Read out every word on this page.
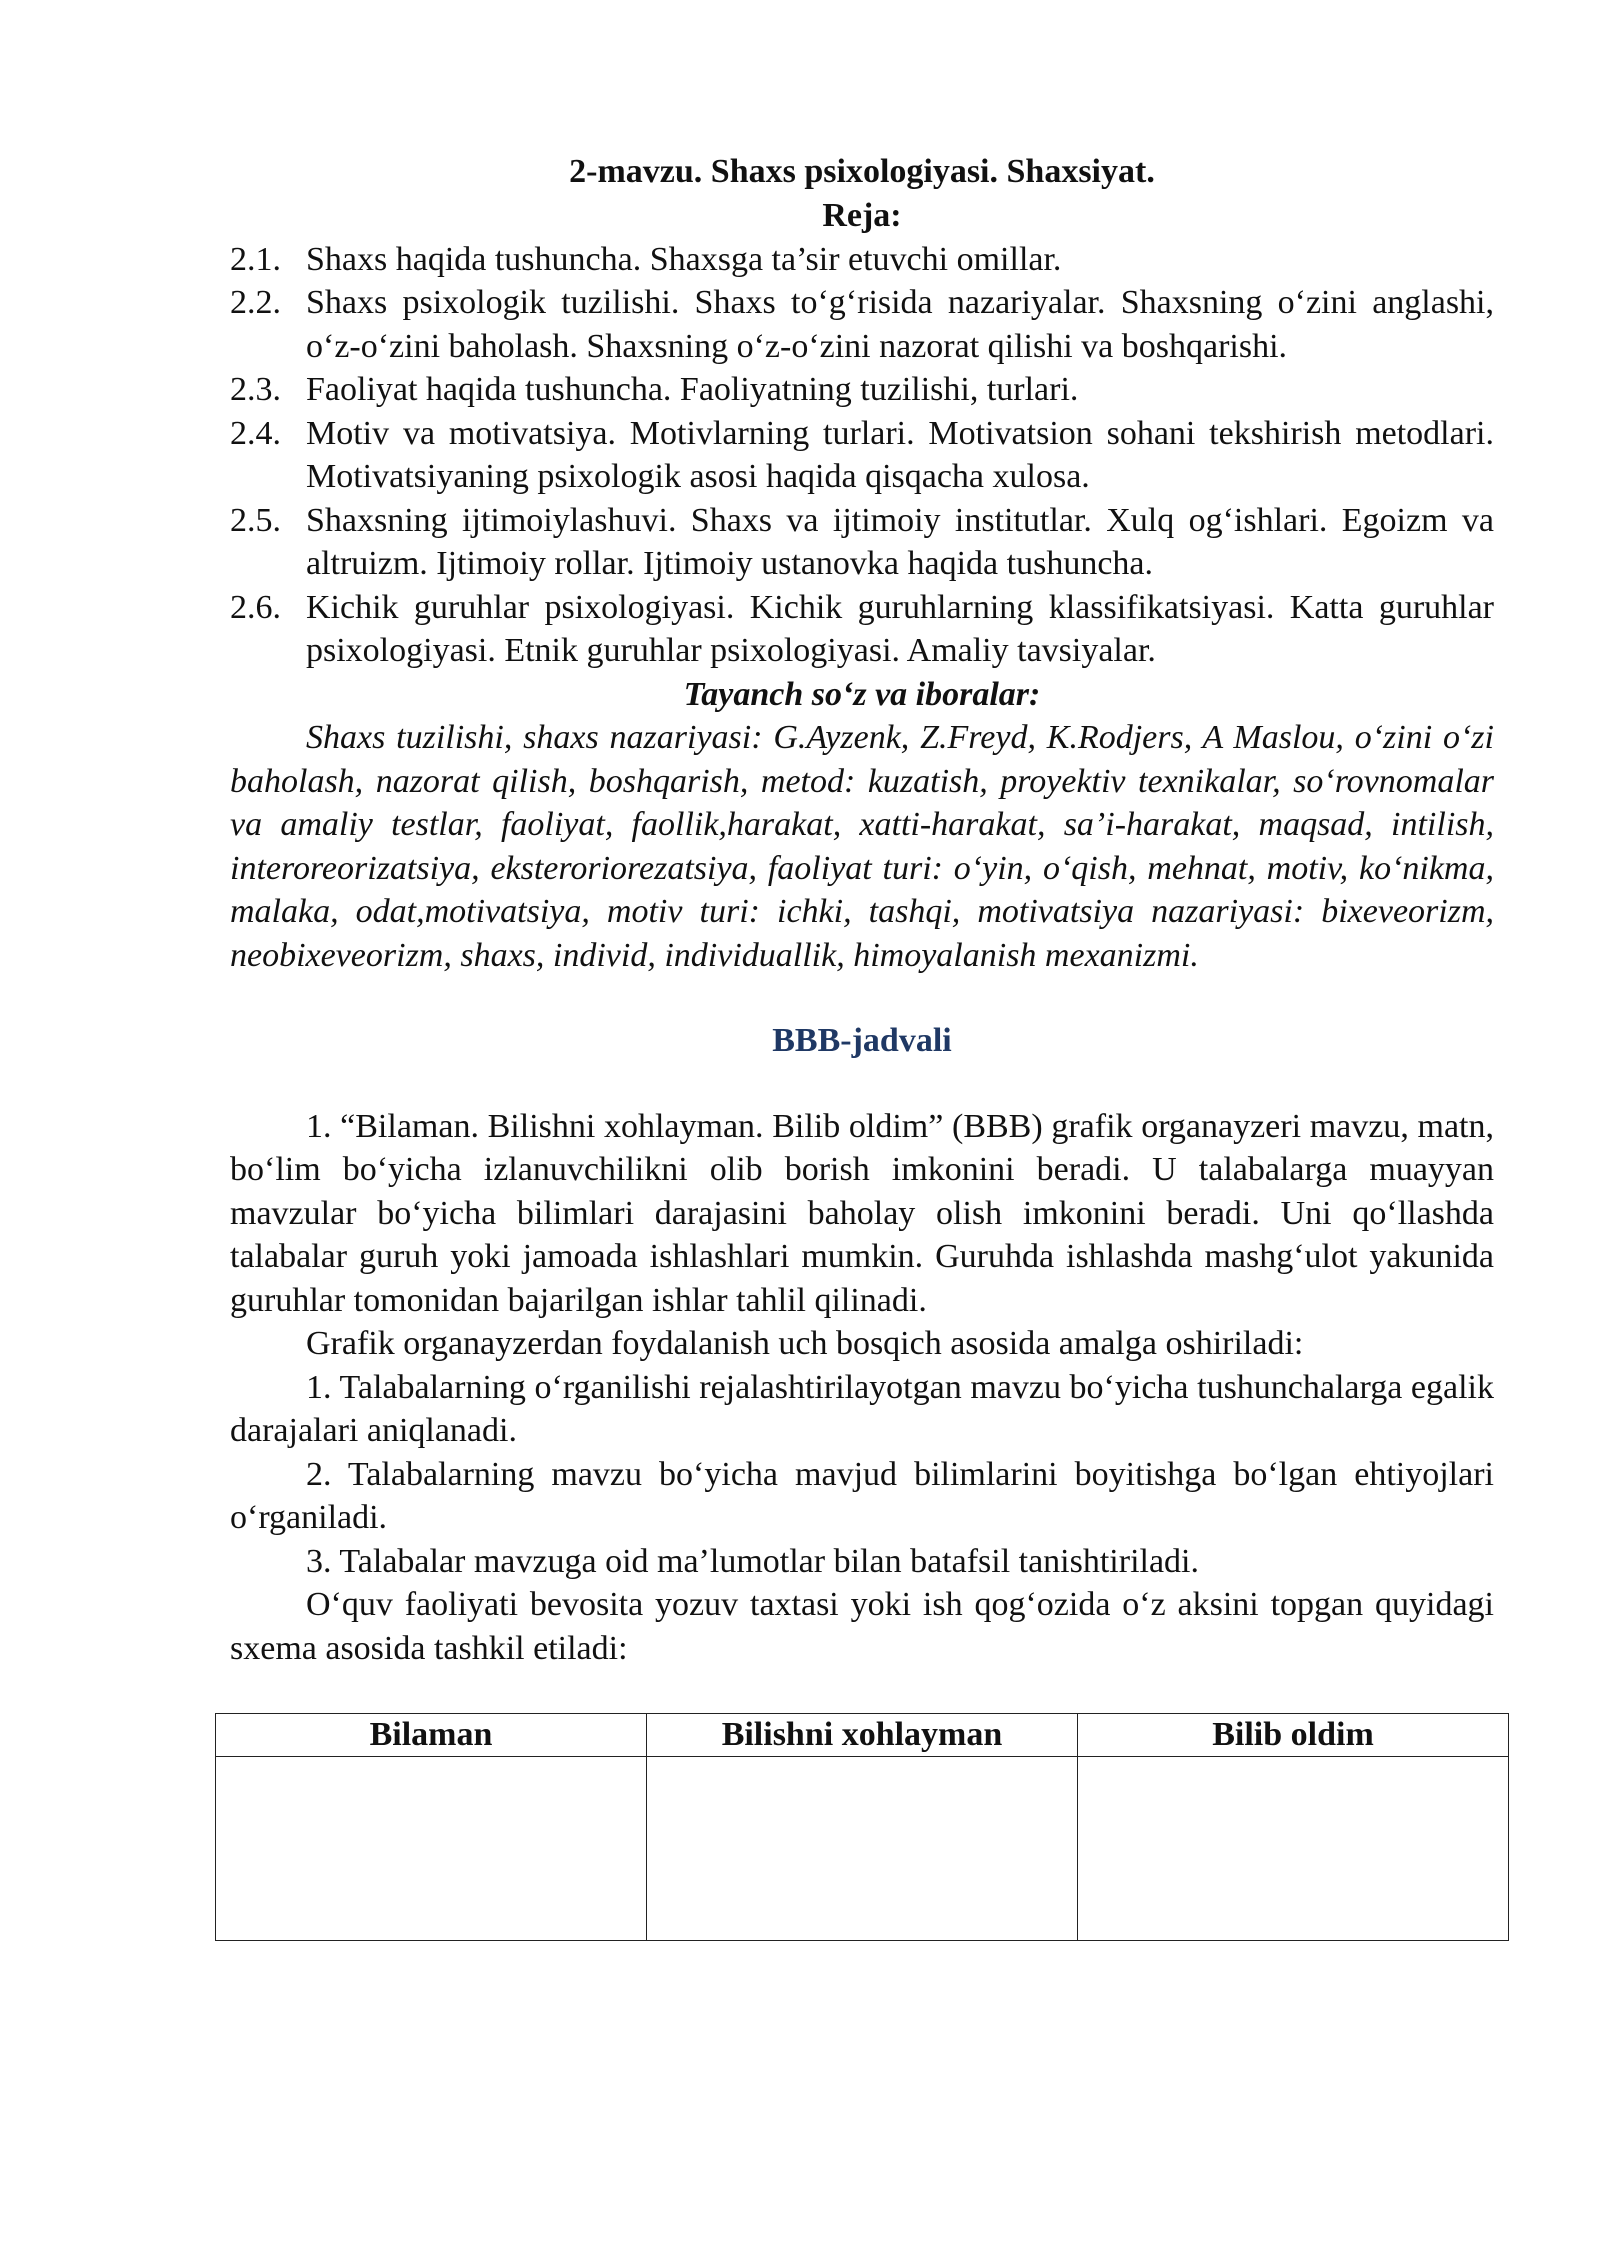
2-mavzu. Shaxs psixologiyasi. Shaxsiyat.
Reja:
2.1. Shaxs haqida tushuncha. Shaxsga ta’sir etuvchi omillar.
2.2. Shaxs psixologik tuzilishi. Shaxs to‘g‘risida nazariyalar. Shaxsning o‘zini anglashi, o‘z-o‘zini baholash. Shaxsning o‘z-o‘zini nazorat qilishi va boshqarishi.
2.3. Faoliyat haqida tushuncha. Faoliyatning tuzilishi, turlari.
2.4. Motiv va motivatsiya. Motivlarning turlari. Motivatsion sohani tekshirish metodlari. Motivatsiyaning psixologik asosi haqida qisqacha xulosa.
2.5. Shaxsning ijtimoiylashuvi. Shaxs va ijtimoiy institutlar. Xulq og‘ishlari. Egoizm va altruizm. Ijtimoiy rollar. Ijtimoiy ustanovka haqida tushuncha.
2.6. Kichik guruhlar psixologiyasi. Kichik guruhlarning klassifikatsiyasi. Katta guruhlar psixologiyasi. Etnik guruhlar psixologiyasi. Amaliy tavsiyalar.
Tayanch so‘z va iboralar:

Shaxs tuzilishi, shaxs nazariyasi: G.Ayzenk, Z.Freyd, K.Rodjers, A Maslou, o‘zini o‘zi baholash, nazorat qilish, boshqarish, metod: kuzatish, proyektiv texnikalar, so‘rovnomalar va amaliy testlar, faoliyat, faollik,harakat, xatti-harakat, sa’i-harakat, maqsad, intilish, interoreorizatsiya, eksteroriorezatsiya, faoliyat turi: o‘yin, o‘qish, mehnat, motiv, ko‘nikma, malaka, odat,motivatsiya, motiv turi: ichki, tashqi, motivatsiya nazariyasi: bixeveorizm, neobixeveorizm, shaxs, individ, individuallik, himoyalanish mexanizmi.

BBB-jadvali

1. “Bilaman. Bilishni xohlayman. Bilib oldim” (BBB) grafik organayzeri mavzu, matn, bo‘lim bo‘yicha izlanuvchilikni olib borish imkonini beradi. U talabalarga muayyan mavzular bo‘yicha bilimlari darajasini baholay olish imkonini beradi. Uni qo‘llashda talabalar guruh yoki jamoada ishlashlari mumkin. Guruhda ishlashda mashg‘ulot yakunida guruhlar tomonidan bajarilgan ishlar tahlil qilinadi.

Grafik organayzerdan foydalanish uch bosqich asosida amalga oshiriladi:

1. Talabalarning o‘rganilishi rejalashtirilayotgan mavzu bo‘yicha tushunchalarga egalik darajalari aniqlanadi.

2. Talabalarning mavzu bo‘yicha mavjud bilimlarini boyitishga bo‘lgan ehtiyojlari o‘rganiladi.

3. Talabalar mavzuga oid ma’lumotlar bilan batafsil tanishtiriladi.

O‘quv faoliyati bevosita yozuv taxtasi yoki ish qog‘ozida o‘z aksini topgan quyidagi sxema asosida tashkil etiladi:

Bilaman	Bilishni xohlayman	Bilib oldim
